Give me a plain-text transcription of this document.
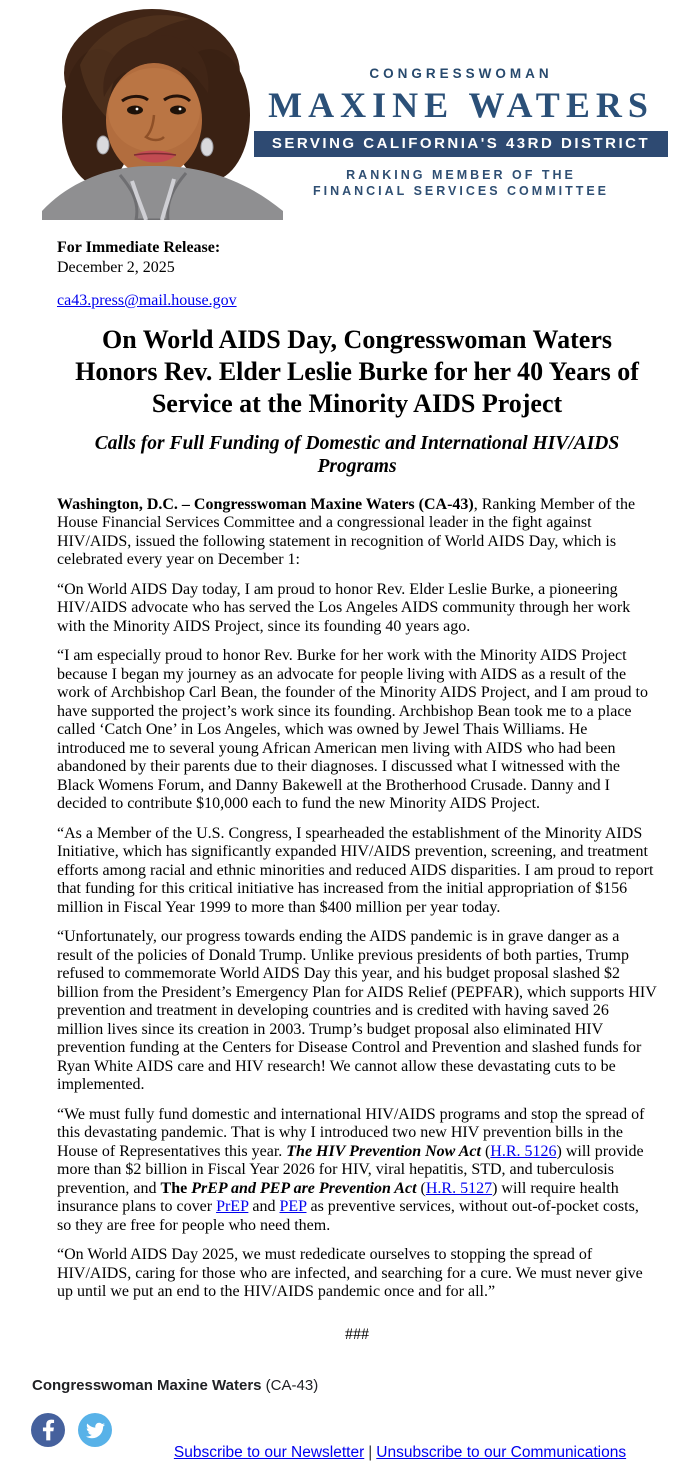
CONGRESSWOMAN
MAXINE WATERS
SERVING CALIFORNIA'S 43RD DISTRICT
RANKING MEMBER OF THE
FINANCIAL SERVICES COMMITTEE
For Immediate Release:
December 2, 2025
ca43.press@mail.house.gov
On World AIDS Day, Congresswoman Waters Honors Rev. Elder Leslie Burke for her 40 Years of Service at the Minority AIDS Project
Calls for Full Funding of Domestic and International HIV/AIDS Programs

Washington, D.C. – Congresswoman Maxine Waters (CA-43), Ranking Member of the House Financial Services Committee and a congressional leader in the fight against HIV/AIDS, issued the following statement in recognition of World AIDS Day, which is celebrated every year on December 1:

“On World AIDS Day today, I am proud to honor Rev. Elder Leslie Burke, a pioneering HIV/AIDS advocate who has served the Los Angeles AIDS community through her work with the Minority AIDS Project, since its founding 40 years ago.

“I am especially proud to honor Rev. Burke for her work with the Minority AIDS Project because I began my journey as an advocate for people living with AIDS as a result of the work of Archbishop Carl Bean, the founder of the Minority AIDS Project, and I am proud to have supported the project’s work since its founding. Archbishop Bean took me to a place called ‘Catch One’ in Los Angeles, which was owned by Jewel Thais Williams. He introduced me to several young African American men living with AIDS who had been abandoned by their parents due to their diagnoses. I discussed what I witnessed with the Black Womens Forum, and Danny Bakewell at the Brotherhood Crusade. Danny and I decided to contribute $10,000 each to fund the new Minority AIDS Project.

“As a Member of the U.S. Congress, I spearheaded the establishment of the Minority AIDS Initiative, which has significantly expanded HIV/AIDS prevention, screening, and treatment efforts among racial and ethnic minorities and reduced AIDS disparities. I am proud to report that funding for this critical initiative has increased from the initial appropriation of $156 million in Fiscal Year 1999 to more than $400 million per year today.

“Unfortunately, our progress towards ending the AIDS pandemic is in grave danger as a result of the policies of Donald Trump. Unlike previous presidents of both parties, Trump refused to commemorate World AIDS Day this year, and his budget proposal slashed $2 billion from the President’s Emergency Plan for AIDS Relief (PEPFAR), which supports HIV prevention and treatment in developing countries and is credited with having saved 26 million lives since its creation in 2003. Trump’s budget proposal also eliminated HIV prevention funding at the Centers for Disease Control and Prevention and slashed funds for Ryan White AIDS care and HIV research! We cannot allow these devastating cuts to be implemented.

“We must fully fund domestic and international HIV/AIDS programs and stop the spread of this devastating pandemic. That is why I introduced two new HIV prevention bills in the House of Representatives this year. The HIV Prevention Now Act (H.R. 5126) will provide more than $2 billion in Fiscal Year 2026 for HIV, viral hepatitis, STD, and tuberculosis prevention, and The PrEP and PEP are Prevention Act (H.R. 5127) will require health insurance plans to cover PrEP and PEP as preventive services, without out-of-pocket costs, so they are free for people who need them.

“On World AIDS Day 2025, we must rededicate ourselves to stopping the spread of HIV/AIDS, caring for those who are infected, and searching for a cure. We must never give up until we put an end to the HIV/AIDS pandemic once and for all.”

###
Congresswoman Maxine Waters (CA-43)
Subscribe to our Newsletter | Unsubscribe to our Communications
